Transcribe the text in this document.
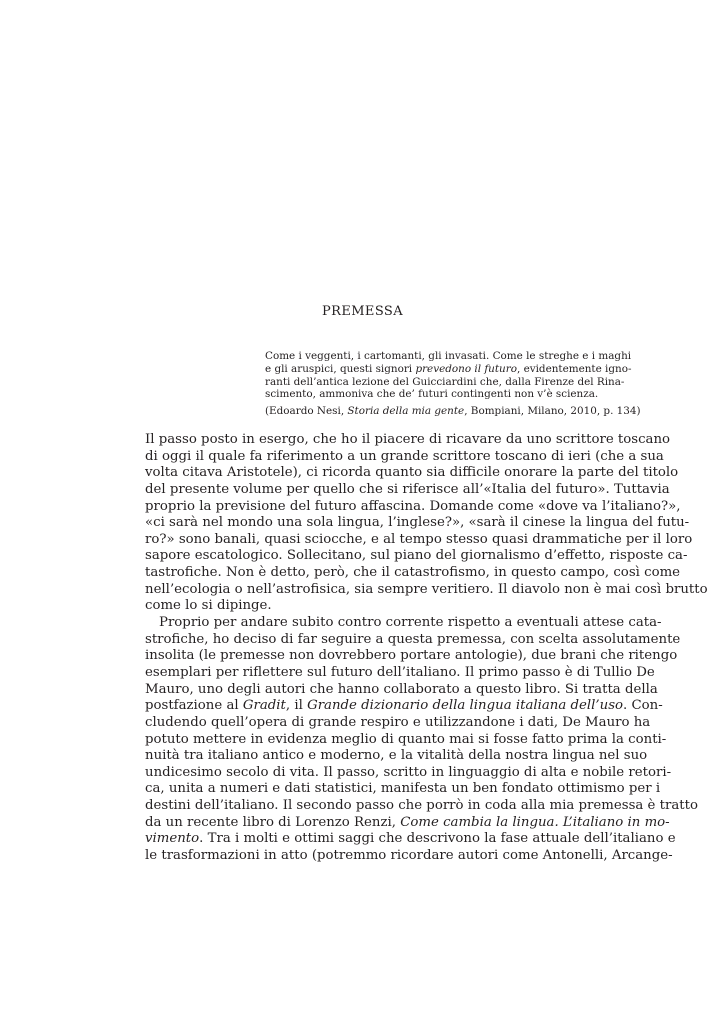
PREMESSA
Come i veggenti, i cartomanti, gli invasati. Come le streghe e i maghi
e gli aruspici, questi signori prevedono il futuro, evidentemente igno-
ranti dell’antica lezione del Guicciardini che, dalla Firenze del Rina-
scimento, ammoniva che de’ futuri contingenti non v’è scienza.
(Edoardo Nesi, Storia della mia gente, Bompiani, Milano, 2010, p. 134)
Il passo posto in esergo, che ho il piacere di ricavare da uno scrittore toscano
di oggi il quale fa riferimento a un grande scrittore toscano di ieri (che a sua
volta citava Aristotele), ci ricorda quanto sia difficile onorare la parte del titolo
del presente volume per quello che si riferisce all’«Italia del futuro». Tuttavia
proprio la previsione del futuro affascina. Domande come «dove va l’italiano?»,
«ci sarà nel mondo una sola lingua, l’inglese?», «sarà il cinese la lingua del futu-
ro?» sono banali, quasi sciocche, e al tempo stesso quasi drammatiche per il loro
sapore escatologico. Sollecitano, sul piano del giornalismo d’effetto, risposte ca-
tastrofiche. Non è detto, però, che il catastrofismo, in questo campo, così come
nell’ecologia o nell’astrofisica, sia sempre veritiero. Il diavolo non è mai così brutto
come lo si dipinge.
Proprio per andare subito contro corrente rispetto a eventuali attese cata-
strofiche, ho deciso di far seguire a questa premessa, con scelta assolutamente
insolita (le premesse non dovrebbero portare antologie), due brani che ritengo
esemplari per riflettere sul futuro dell’italiano. Il primo passo è di Tullio De
Mauro, uno degli autori che hanno collaborato a questo libro. Si tratta della
postfazione al Gradit, il Grande dizionario della lingua italiana dell’uso. Con-
cludendo quell’opera di grande respiro e utilizzandone i dati, De Mauro ha
potuto mettere in evidenza meglio di quanto mai si fosse fatto prima la conti-
nuità tra italiano antico e moderno, e la vitalità della nostra lingua nel suo
undicesimo secolo di vita. Il passo, scritto in linguaggio di alta e nobile retori-
ca, unita a numeri e dati statistici, manifesta un ben fondato ottimismo per i
destini dell’italiano. Il secondo passo che porrò in coda alla mia premessa è tratto
da un recente libro di Lorenzo Renzi, Come cambia la lingua. L’italiano in mo-
vimento. Tra i molti e ottimi saggi che descrivono la fase attuale dell’italiano e
le trasformazioni in atto (potremmo ricordare autori come Antonelli, Arcange-
